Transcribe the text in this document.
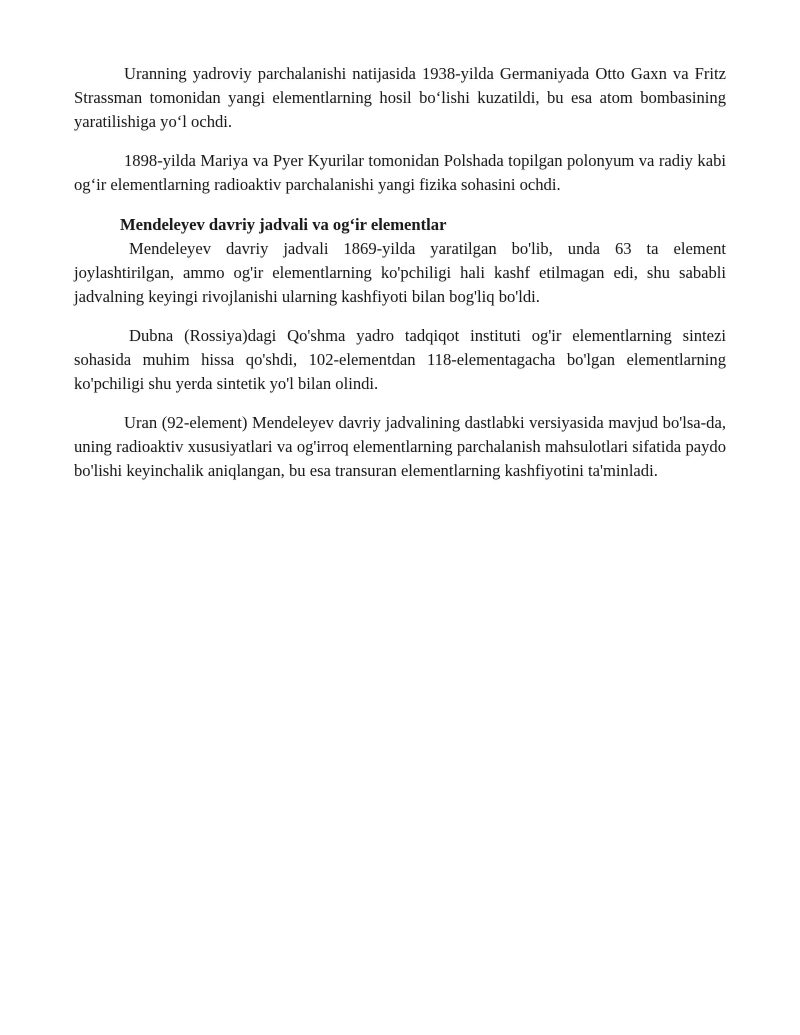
Uranning yadroviy parchalanishi natijasida 1938-yilda Germaniyada Otto Gaxn va Fritz Strassman tomonidan yangi elementlarning hosil bo‘lishi kuzatildi, bu esa atom bombasining yaratilishiga yo‘l ochdi.

1898-yilda Mariya va Pyer Kyurilar tomonidan Polshada topilgan polonyum va radiy kabi og‘ir elementlarning radioaktiv parchalanishi yangi fizika sohasini ochdi.

Mendeleyev davriy jadvali va og‘ir elementlar

Mendeleyev davriy jadvali 1869-yilda yaratilgan bo'lib, unda 63 ta element joylashtirilgan, ammo og'ir elementlarning ko'pchiligi hali kashf etilmagan edi, shu sababli jadvalning keyingi rivojlanishi ularning kashfiyoti bilan bog'liq bo'ldi.

Dubna (Rossiya)dagi Qo'shma yadro tadqiqot instituti og'ir elementlarning sintezi sohasida muhim hissa qo'shdi, 102-elementdan 118-elementagacha bo'lgan elementlarning ko'pchiligi shu yerda sintetik yo'l bilan olindi.

Uran (92-element) Mendeleyev davriy jadvalining dastlabki versiyasida mavjud bo'lsa-da, uning radioaktiv xususiyatlari va og'irroq elementlarning parchalanish mahsulotlari sifatida paydo bo'lishi keyinchalik aniqlangan, bu esa transuran elementlarning kashfiyotini ta'minladi.
